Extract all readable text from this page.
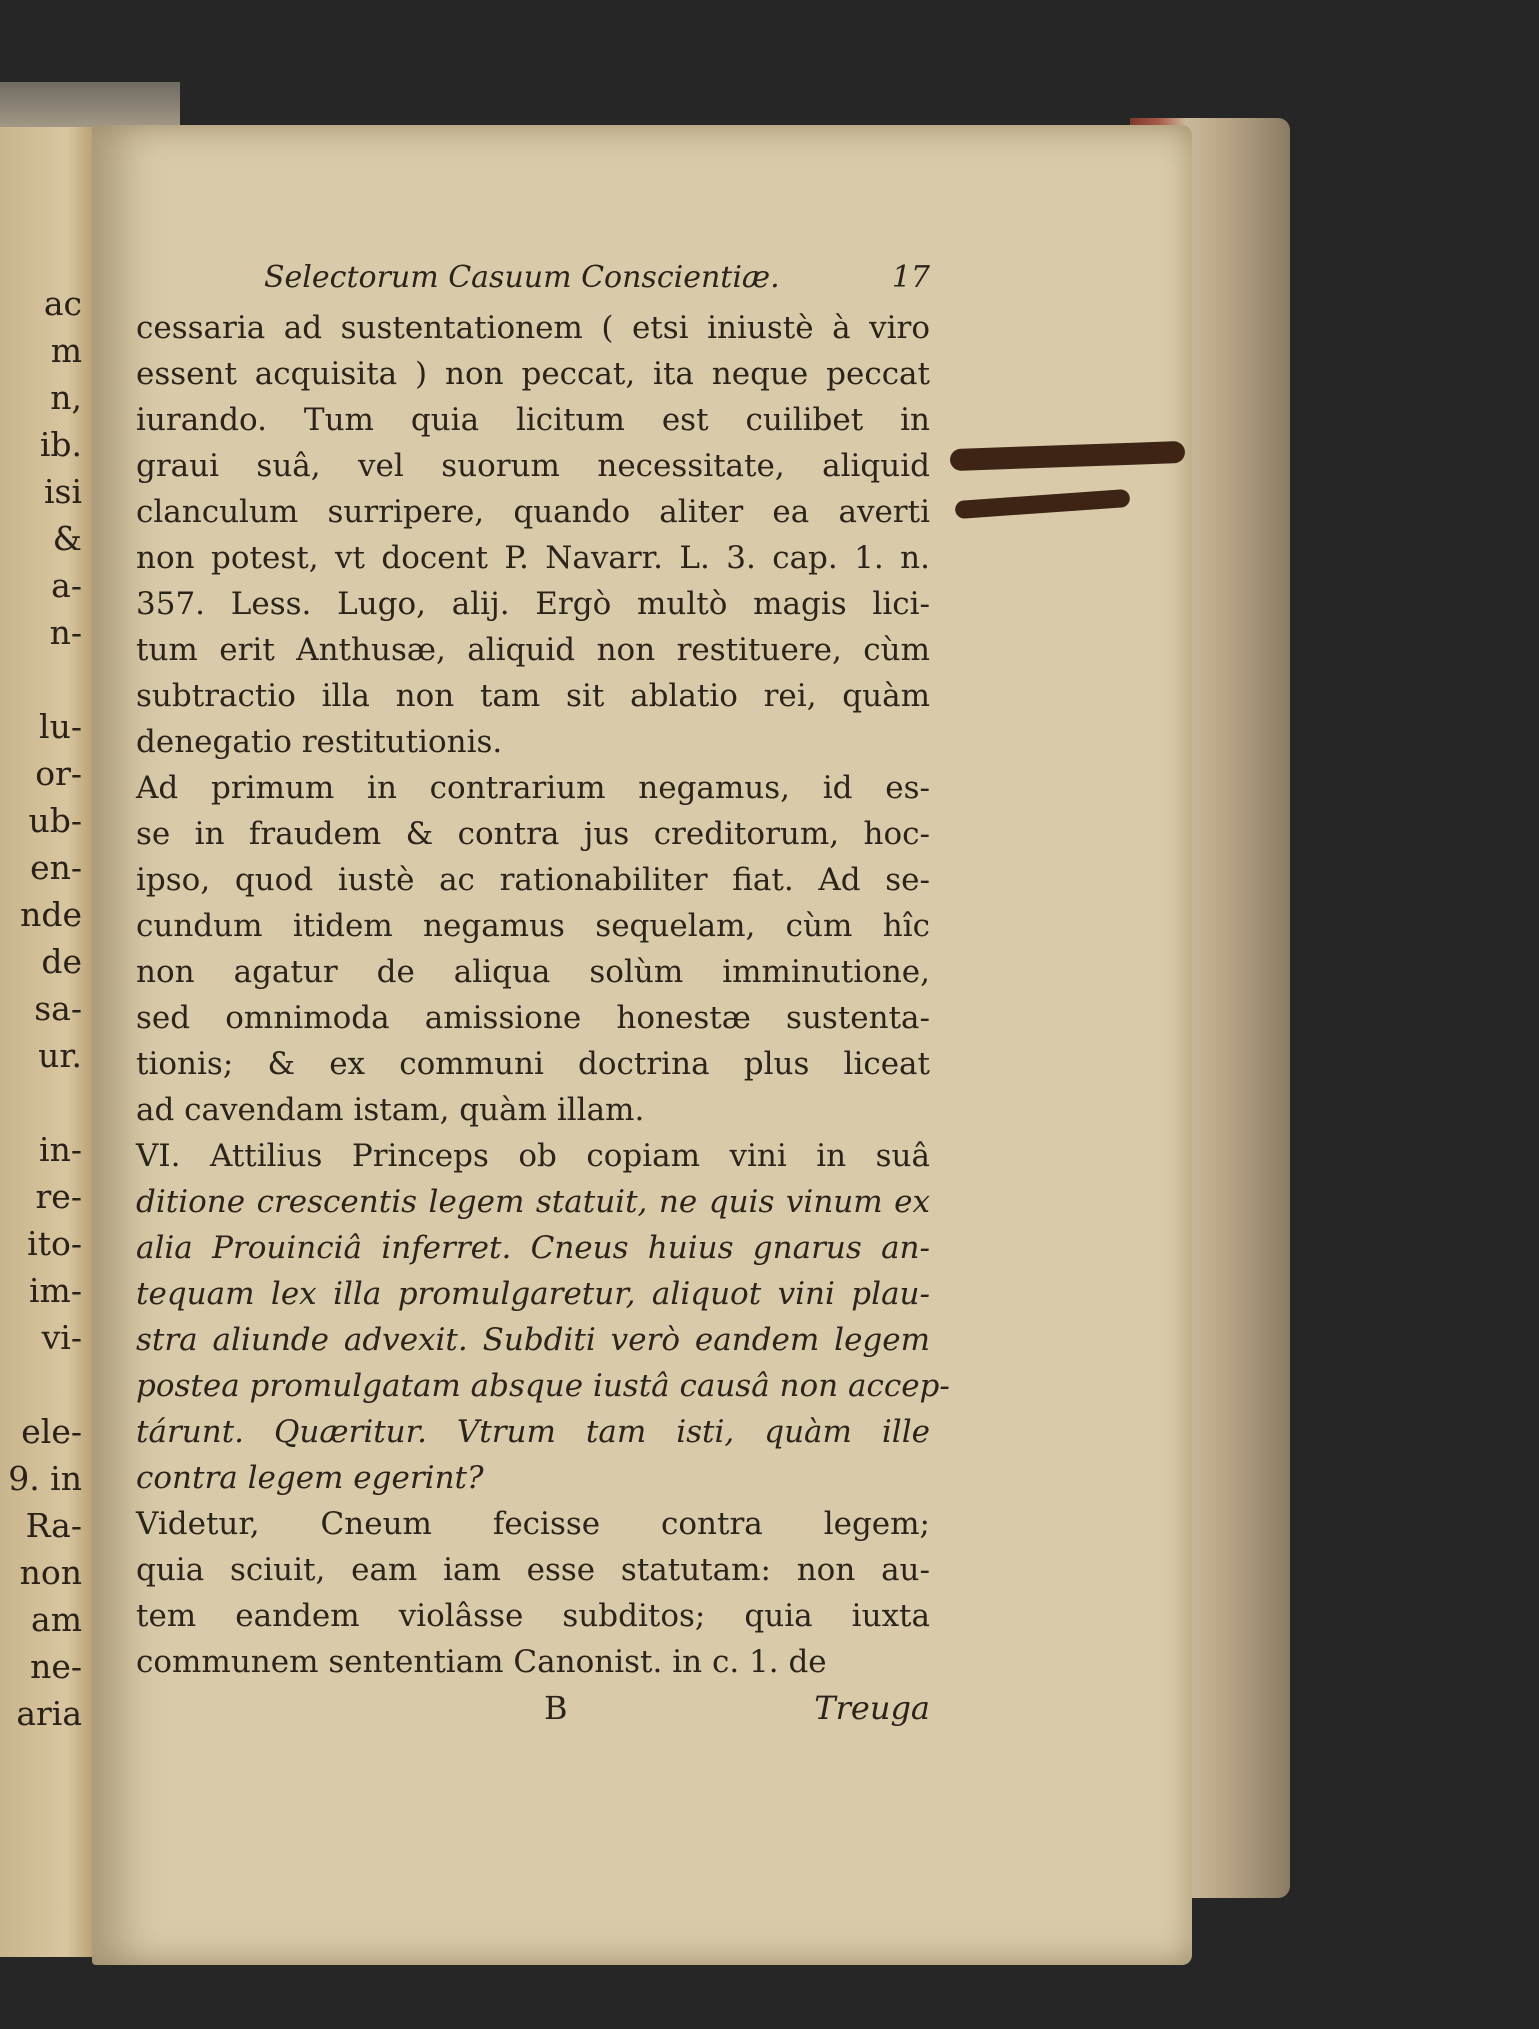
ac
m
n,
ib.
isi
&
a-
n-
lu-
or-
ub-
en-
nde
de
sa-
ur.
in-
re-
ito-
im-
vi-
ele-
9. in
Ra-
non
am
ne-
aria
Selectorum Casuum Conscientiæ.	17
cessaria ad sustentationem ( etsi iniustè à viro
essent acquisita ) non peccat, ita neque peccat
iurando. Tum quia licitum est cuilibet in
graui suâ, vel suorum necessitate, aliquid
clanculum surripere, quando aliter ea averti
non potest, vt docent P. Navarr. L. 3. cap. 1. n.
357. Less. Lugo, alij. Ergò multò magis lici-
tum erit Anthusæ, aliquid non restituere, cùm
subtractio illa non tam sit ablatio rei, quàm
denegatio restitutionis.
Ad primum in contrarium negamus, id es-
se in fraudem & contra jus creditorum, hoc-
ipso, quod iustè ac rationabiliter fiat. Ad se-
cundum itidem negamus sequelam, cùm hîc
non agatur de aliqua solùm imminutione,
sed omnimoda amissione honestæ sustenta-
tionis; & ex communi doctrina plus liceat
ad cavendam istam, quàm illam.
VI. Attilius Princeps ob copiam vini in suâ
ditione crescentis legem statuit, ne quis vinum ex
alia Prouinciâ inferret. Cneus huius gnarus an-
tequam lex illa promulgaretur, aliquot vini plau-
stra aliunde advexit. Subditi verò eandem legem
postea promulgatam absque iustâ causâ non accep-
tárunt. Quæritur. Vtrum tam isti, quàm ille
contra legem egerint?
Videtur, Cneum fecisse contra legem;
quia sciuit, eam iam esse statutam: non au-
tem eandem violâsse subditos; quia iuxta
communem sententiam Canonist. in c. 1. de
B	Treuga
